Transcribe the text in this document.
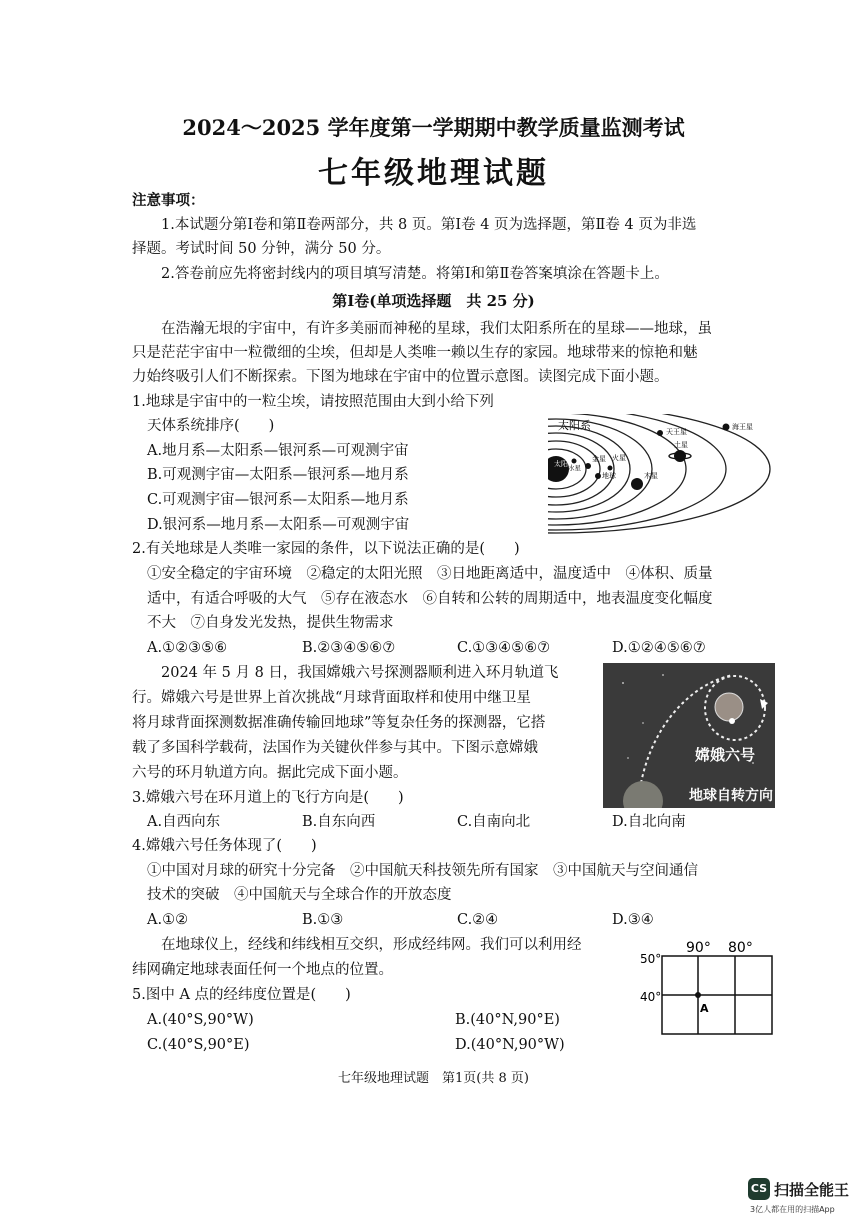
2024～2025 学年度第一学期期中教学质量监测考试
七年级地理试题
注意事项：
1.本试题分第Ⅰ卷和第Ⅱ卷两部分，共 8 页。第Ⅰ卷 4 页为选择题，第Ⅱ卷 4 页为非选
择题。考试时间 50 分钟，满分 50 分。
2.答卷前应先将密封线内的项目填写清楚。将第Ⅰ和第Ⅱ卷答案填涂在答题卡上。
第Ⅰ卷(单项选择题　共 25 分)
在浩瀚无垠的宇宙中，有许多美丽而神秘的星球，我们太阳系所在的星球——地球，虽
只是茫茫宇宙中一粒微细的尘埃，但却是人类唯一赖以生存的家园。地球带来的惊艳和魅
力始终吸引人们不断探索。下图为地球在宇宙中的位置示意图。读图完成下面小题。
1.地球是宇宙中的一粒尘埃，请按照范围由大到小给下列
天体系统排序(　　)
A.地月系—太阳系—银河系—可观测宇宙
B.可观测宇宙—太阳系—银河系—地月系
C.可观测宇宙—银河系—太阳系—地月系
D.银河系—地月系—太阳系—可观测宇宙
太阳系
太阳 水星
金星
地球
火星
木星
土星
天王星
海王星
2.有关地球是人类唯一家园的条件，以下说法正确的是(　　)
①安全稳定的宇宙环境　②稳定的太阳光照　③日地距离适中，温度适中　④体积、质量
适中，有适合呼吸的大气　⑤存在液态水　⑥自转和公转的周期适中，地表温度变化幅度
不大　⑦自身发光发热，提供生物需求
A.①②③⑤⑥	B.②③④⑤⑥⑦	C.①③④⑤⑥⑦	D.①②④⑤⑥⑦
2024 年 5 月 8 日，我国嫦娥六号探测器顺利进入环月轨道飞
行。嫦娥六号是世界上首次挑战“月球背面取样和使用中继卫星
将月球背面探测数据准确传输回地球”等复杂任务的探测器，它搭
载了多国科学载荷，法国作为关键伙伴参与其中。下图示意嫦娥
六号的环月轨道方向。据此完成下面小题。
嫦娥六号
地球自转方向
3.嫦娥六号在环月道上的飞行方向是(　　)
A.自西向东	B.自东向西	C.自南向北	D.自北向南
4.嫦娥六号任务体现了(　　)
①中国对月球的研究十分完备　②中国航天科技领先所有国家　③中国航天与空间通信
技术的突破　④中国航天与全球合作的开放态度
A.①②	B.①③	C.②④	D.③④
在地球仪上，经线和纬线相互交织，形成经纬网。我们可以利用经
纬网确定地球表面任何一个地点的位置。
90° 80°
50°
40°
A
5.图中 A 点的经纬度位置是(　　)
A.(40°S,90°W)	B.(40°N,90°E)
C.(40°S,90°E)	D.(40°N,90°W)
七年级地理试题　第1页(共 8 页)
CS 扫描全能王
3亿人都在用的扫描App
